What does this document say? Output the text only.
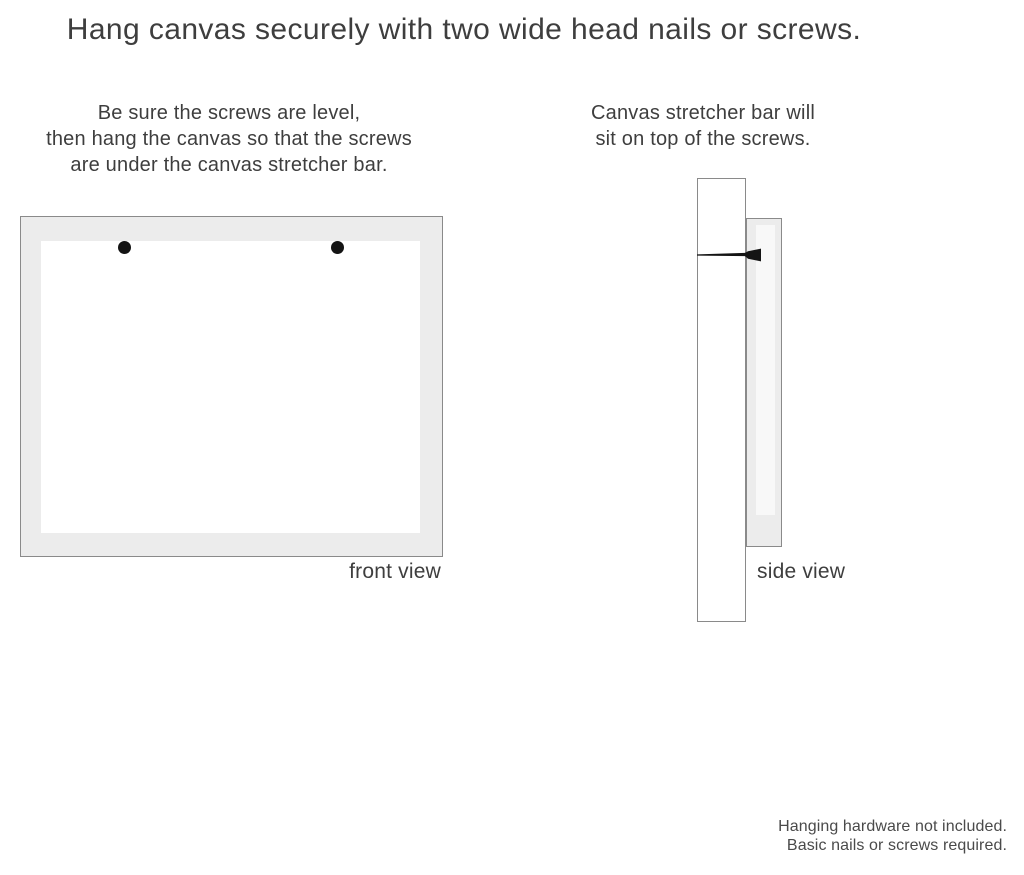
Hang canvas securely with two wide head nails or screws.
Be sure the screws are level,
then hang the canvas so that the screws
are under the canvas stretcher bar.
Canvas stretcher bar will
sit on top of the screws.
front view	side view
Hanging hardware not included.
Basic nails or screws required.
